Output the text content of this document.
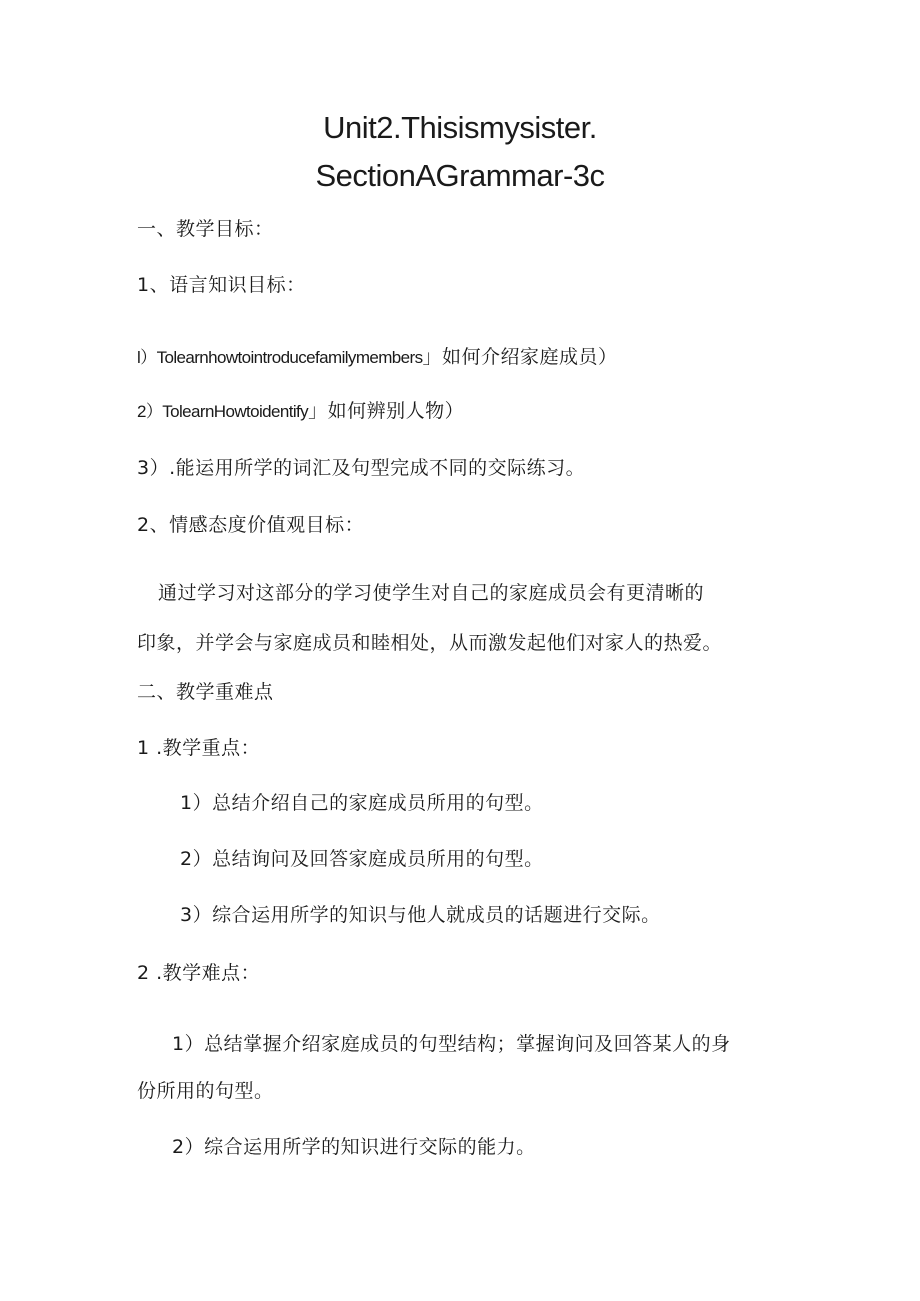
Unit2.Thisismysister.
SectionAGrammar-3c
一、教学目标：
1、语言知识目标：
l）Tolearnhowtointroducefamilymembers」如何介绍家庭成员）
2）TolearnHowtoidentify」如何辨别人物）
3）.能运用所学的词汇及句型完成不同的交际练习。
2、情感态度价值观目标：
通过学习对这部分的学习使学生对自己的家庭成员会有更清晰的
印象，并学会与家庭成员和睦相处，从而激发起他们对家人的热爱。
二、教学重难点
1 .教学重点：
1）总结介绍自己的家庭成员所用的句型。
2）总结询问及回答家庭成员所用的句型。
3）综合运用所学的知识与他人就成员的话题进行交际。
2 .教学难点：
1）总结掌握介绍家庭成员的句型结构；掌握询问及回答某人的身
份所用的句型。
2）综合运用所学的知识进行交际的能力。
